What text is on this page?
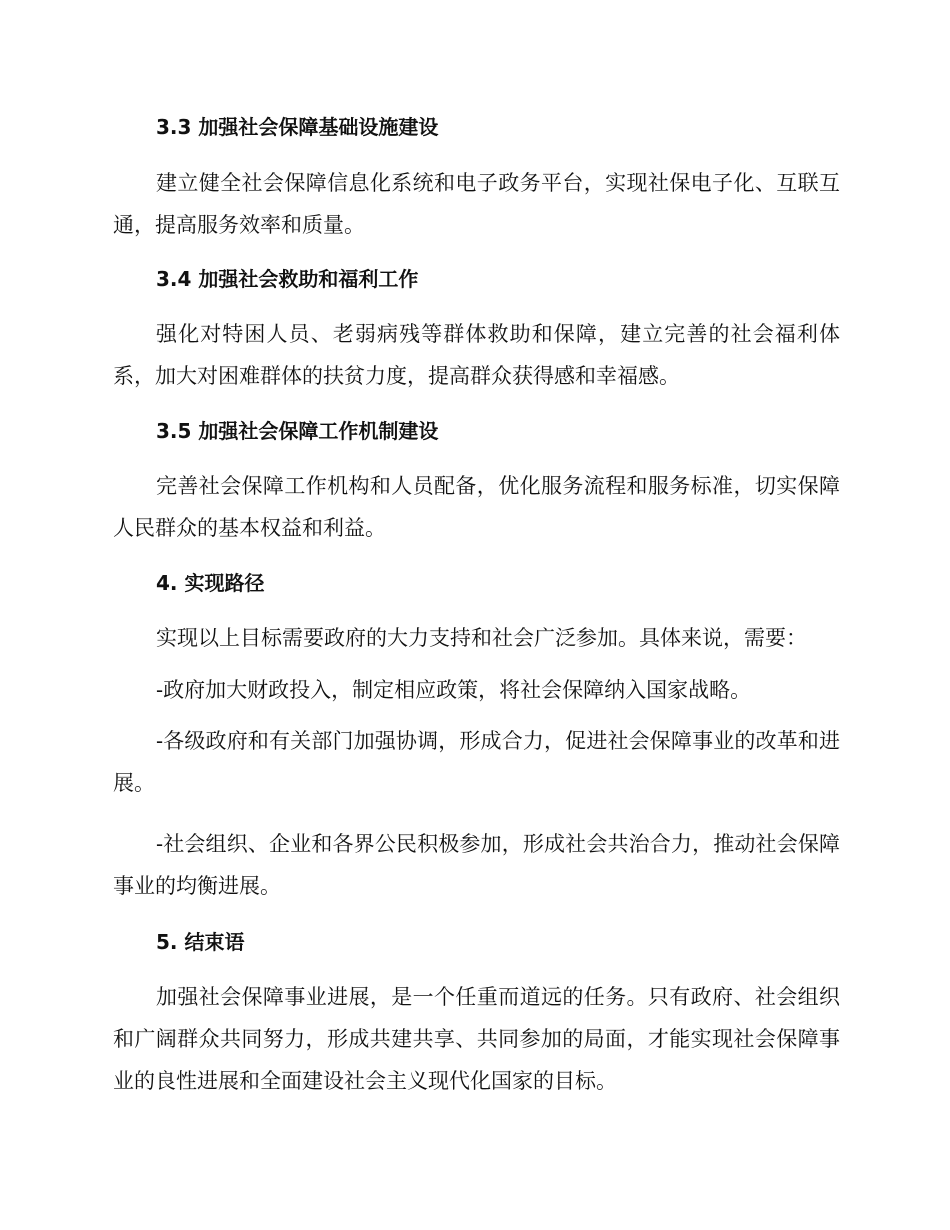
3.3 加强社会保障基础设施建设
建立健全社会保障信息化系统和电子政务平台，实现社保电子化、互联互通，提高服务效率和质量。
3.4 加强社会救助和福利工作
强化对特困人员、老弱病残等群体救助和保障，建立完善的社会福利体系，加大对困难群体的扶贫力度，提高群众获得感和幸福感。
3.5 加强社会保障工作机制建设
完善社会保障工作机构和人员配备，优化服务流程和服务标准，切实保障人民群众的基本权益和利益。
4. 实现路径
实现以上目标需要政府的大力支持和社会广泛参加。具体来说，需要：
-政府加大财政投入，制定相应政策，将社会保障纳入国家战略。
-各级政府和有关部门加强协调，形成合力，促进社会保障事业的改革和进展。
-社会组织、企业和各界公民积极参加，形成社会共治合力，推动社会保障事业的均衡进展。
5. 结束语
加强社会保障事业进展，是一个任重而道远的任务。只有政府、社会组织和广阔群众共同努力，形成共建共享、共同参加的局面，才能实现社会保障事业的良性进展和全面建设社会主义现代化国家的目标。
